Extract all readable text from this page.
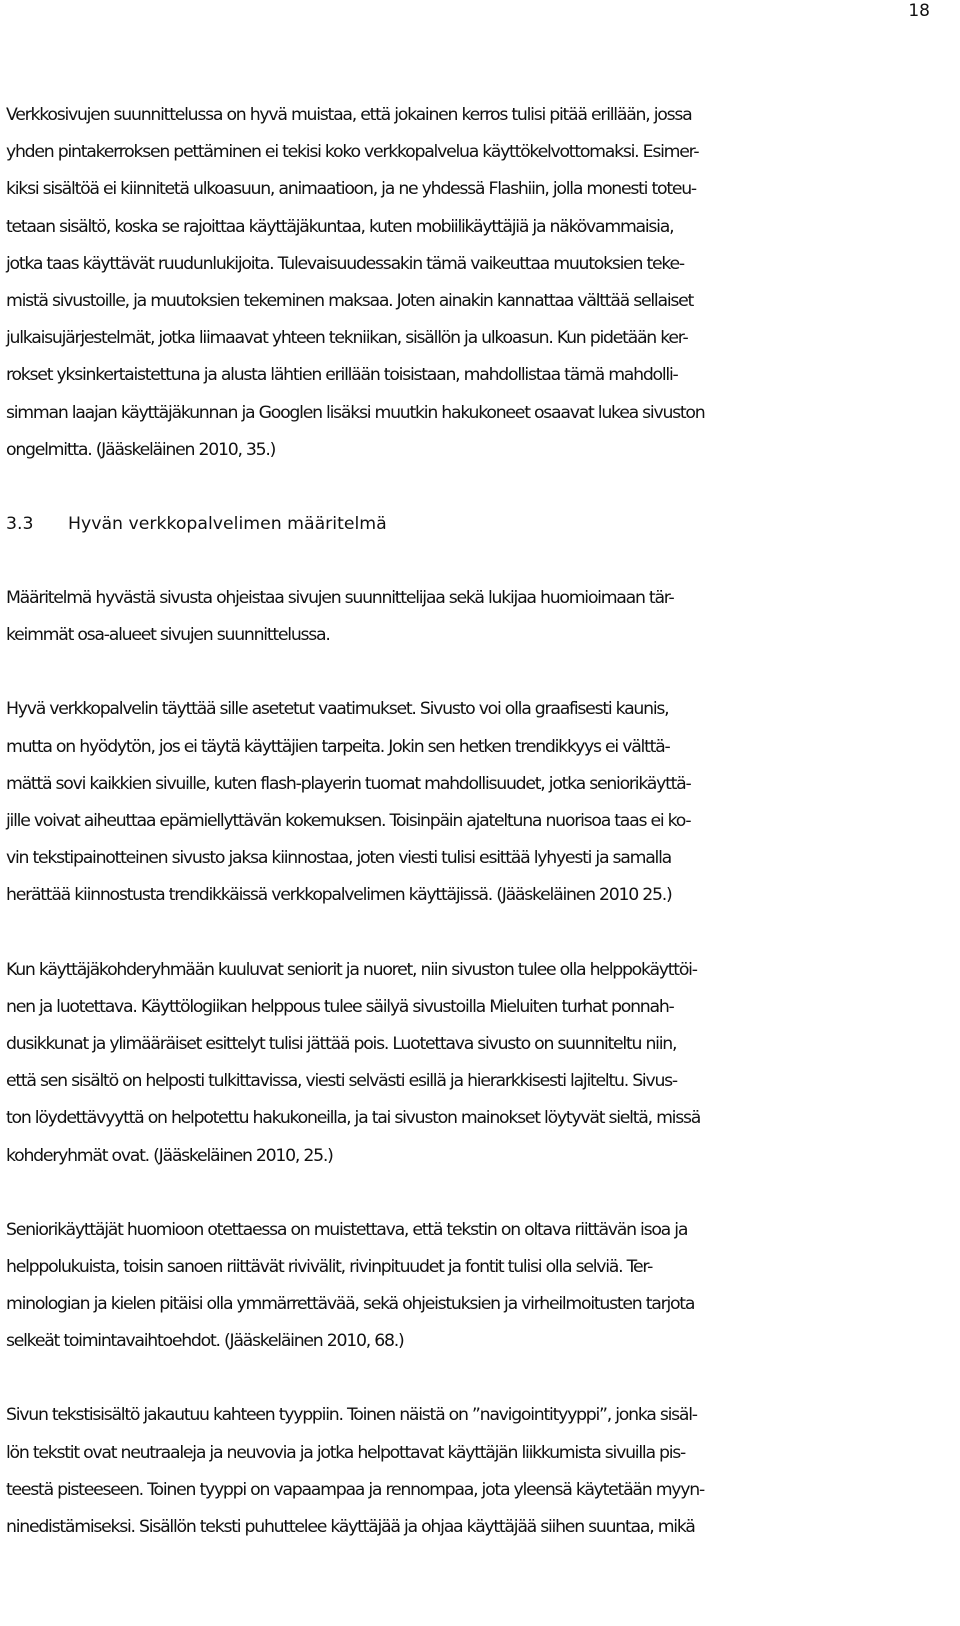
18
Verkkosivujen suunnittelussa on hyvä muistaa, että jokainen kerros tulisi pitää erillään, jossa
yhden pintakerroksen pettäminen ei tekisi koko verkkopalvelua käyttökelvottomaksi. Esimer-
kiksi sisältöä ei kiinnitetä ulkoasuun, animaatioon, ja ne yhdessä Flashiin, jolla monesti toteu-
tetaan sisältö, koska se rajoittaa käyttäjäkuntaa, kuten mobiilikäyttäjiä ja näkövammaisia,
jotka taas käyttävät ruudunlukijoita. Tulevaisuudessakin tämä vaikeuttaa muutoksien teke-
mistä sivustoille, ja muutoksien tekeminen maksaa. Joten ainakin kannattaa välttää sellaiset
julkaisujärjestelmät, jotka liimaavat yhteen tekniikan, sisällön ja ulkoasun. Kun pidetään ker-
rokset yksinkertaistettuna ja alusta lähtien erillään toisistaan, mahdollistaa tämä mahdolli-
simman laajan käyttäjäkunnan ja Googlen lisäksi muutkin hakukoneet osaavat lukea sivuston
ongelmitta. (Jääskeläinen 2010, 35.)
3.3	Hyvän verkkopalvelimen määritelmä
Määritelmä hyvästä sivusta ohjeistaa sivujen suunnittelijaa sekä lukijaa huomioimaan tär-
keimmät osa-alueet sivujen suunnittelussa.
Hyvä verkkopalvelin täyttää sille asetetut vaatimukset. Sivusto voi olla graafisesti kaunis,
mutta on hyödytön, jos ei täytä käyttäjien tarpeita. Jokin sen hetken trendikkyys ei välttä-
mättä sovi kaikkien sivuille, kuten flash-playerin tuomat mahdollisuudet, jotka seniorikäyttä-
jille voivat aiheuttaa epämiellyttävän kokemuksen. Toisinpäin ajateltuna nuorisoa taas ei ko-
vin tekstipainotteinen sivusto jaksa kiinnostaa, joten viesti tulisi esittää lyhyesti ja samalla
herättää kiinnostusta trendikkäissä verkkopalvelimen käyttäjissä. (Jääskeläinen 2010 25.)
Kun käyttäjäkohderyhmään kuuluvat seniorit ja nuoret, niin sivuston tulee olla helppokäyttöi-
nen ja luotettava. Käyttölogiikan helppous tulee säilyä sivustoilla Mieluiten turhat ponnah-
dusikkunat ja ylimääräiset esittelyt tulisi jättää pois. Luotettava sivusto on suunniteltu niin,
että sen sisältö on helposti tulkittavissa, viesti selvästi esillä ja hierarkkisesti lajiteltu. Sivus-
ton löydettävyyttä on helpotettu hakukoneilla, ja tai sivuston mainokset löytyvät sieltä, missä
kohderyhmät ovat. (Jääskeläinen 2010, 25.)
Seniorikäyttäjät huomioon otettaessa on muistettava, että tekstin on oltava riittävän isoa ja
helppolukuista, toisin sanoen riittävät rivivälit, rivinpituudet ja fontit tulisi olla selviä. Ter-
minologian ja kielen pitäisi olla ymmärrettävää, sekä ohjeistuksien ja virheilmoitusten tarjota
selkeät toimintavaihtoehdot. (Jääskeläinen 2010, 68.)
Sivun tekstisisältö jakautuu kahteen tyyppiin. Toinen näistä on ”navigointityyppi”, jonka sisäl-
lön tekstit ovat neutraaleja ja neuvovia ja jotka helpottavat käyttäjän liikkumista sivuilla pis-
teestä pisteeseen. Toinen tyyppi on vapaampaa ja rennompaa, jota yleensä käytetään myyn-
ninedistämiseksi. Sisällön teksti puhuttelee käyttäjää ja ohjaa käyttäjää siihen suuntaa, mikä
